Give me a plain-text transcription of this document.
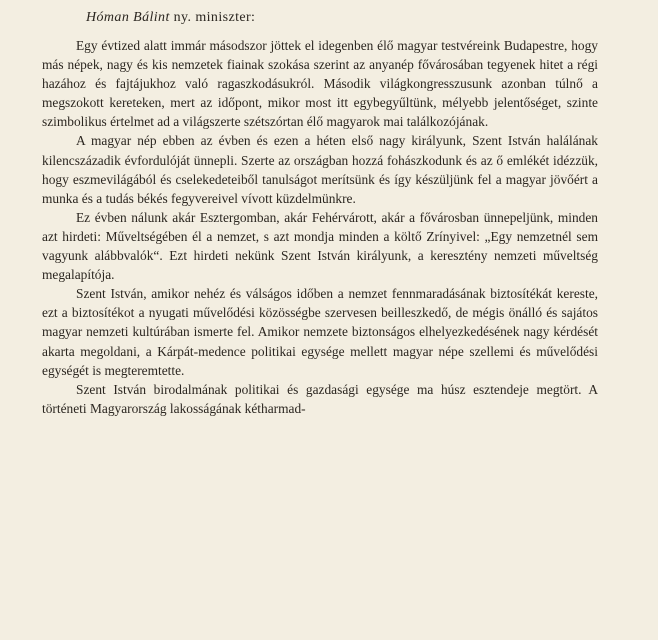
Hóman Bálint ny. miniszter:

Egy évtized alatt immár másodszor jöttek el idegenben élő magyar testvéreink Budapestre, hogy más népek, nagy és kis nemzetek fiainak szokása szerint az anyanép fővárosában tegyenek hitet a régi hazához és fajtájukhoz való ragaszkodásukról. Második világkongresszusunk azonban túlnő a megszokott kereteken, mert az időpont, mikor most itt egybegyűltünk, mélyebb jelentőséget, szinte szimbolikus értelmet ad a világszerte szétszórtan élő magyarok mai találkozójának.

A magyar nép ebben az évben és ezen a héten első nagy királyunk, Szent István halálának kilencszázadik évfordulóját ünnepli. Szerte az országban hozzá fohászkodunk és az ő emlékét idézzük, hogy eszmevilágából és cselekedeteiből tanulságot merítsünk és így készüljünk fel a magyar jövőért a munka és a tudás békés fegyvereivel vívott küzdelmünkre.

Ez évben nálunk akár Esztergomban, akár Fehérvárott, akár a fővárosban ünnepeljünk, minden azt hirdeti: Műveltségében él a nemzet, s azt mondja minden a költő Zrínyivel: „Egy nemzetnél sem vagyunk alábbvalók“. Ezt hirdeti nekünk Szent István királyunk, a keresztény nemzeti műveltség megalapítója.

Szent István, amikor nehéz és válságos időben a nemzet fennmaradásának biztosítékát kereste, ezt a biztosítékot a nyugati művelődési közösségbe szervesen beilleszkedő, de mégis önálló és sajátos magyar nemzeti kultúrában ismerte fel. Amikor nemzete biztonságos elhelyezkedésének nagy kérdését akarta megoldani, a Kárpát-medence politikai egysége mellett magyar népe szellemi és művelődési egységét is megteremtette.

Szent István birodalmának politikai és gazdasági egysége ma húsz esztendeje megtört. A történeti Magyarország lakosságának kétharmad-
